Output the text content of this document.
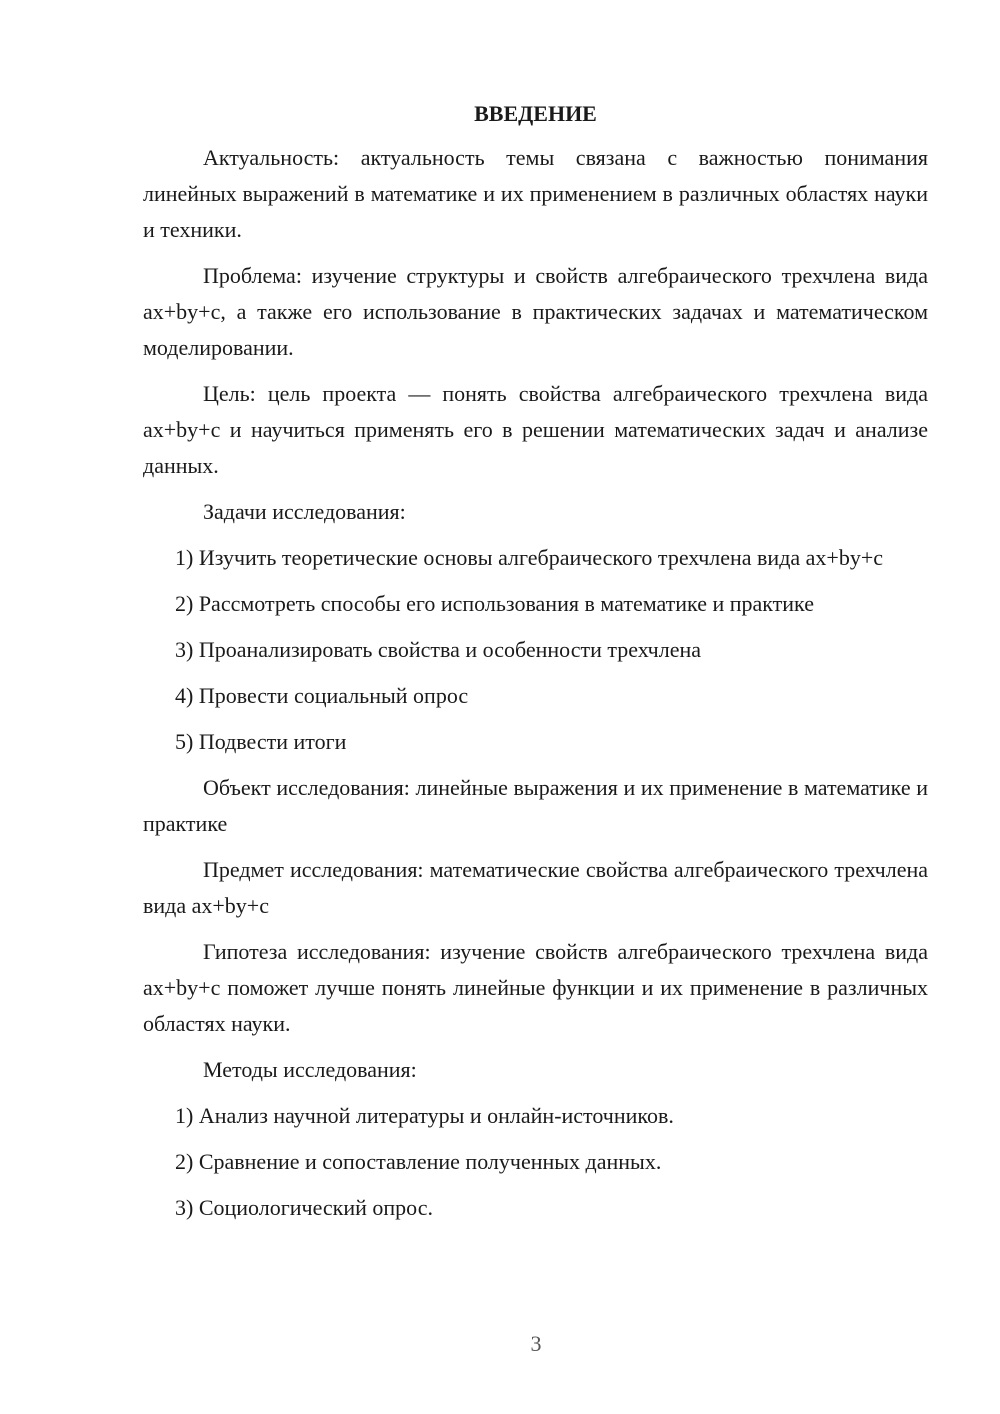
ВВЕДЕНИЕ

Актуальность: актуальность темы связана с важностью понимания линейных выражений в математике и их применением в различных областях науки и техники.

Проблема: изучение структуры и свойств алгебраического трехчлена вида ax+by+c, а также его использование в практических задачах и математическом моделировании.

Цель: цель проекта — понять свойства алгебраического трехчлена вида ax+by+c и научиться применять его в решении математических задач и анализе данных.

Задачи исследования:

1) Изучить теоретические основы алгебраического трехчлена вида ax+by+c

2) Рассмотреть способы его использования в математике и практике

3) Проанализировать свойства и особенности трехчлена

4) Провести социальный опрос

5) Подвести итоги

Объект исследования: линейные выражения и их применение в математике и практике

Предмет исследования: математические свойства алгебраического трехчлена вида ax+by+c

Гипотеза исследования: изучение свойств алгебраического трехчлена вида ax+by+c поможет лучше понять линейные функции и их применение в различных областях науки.

Методы исследования:

1) Анализ научной литературы и онлайн-источников.

2) Сравнение и сопоставление полученных данных.

3) Социологический опрос.

3
